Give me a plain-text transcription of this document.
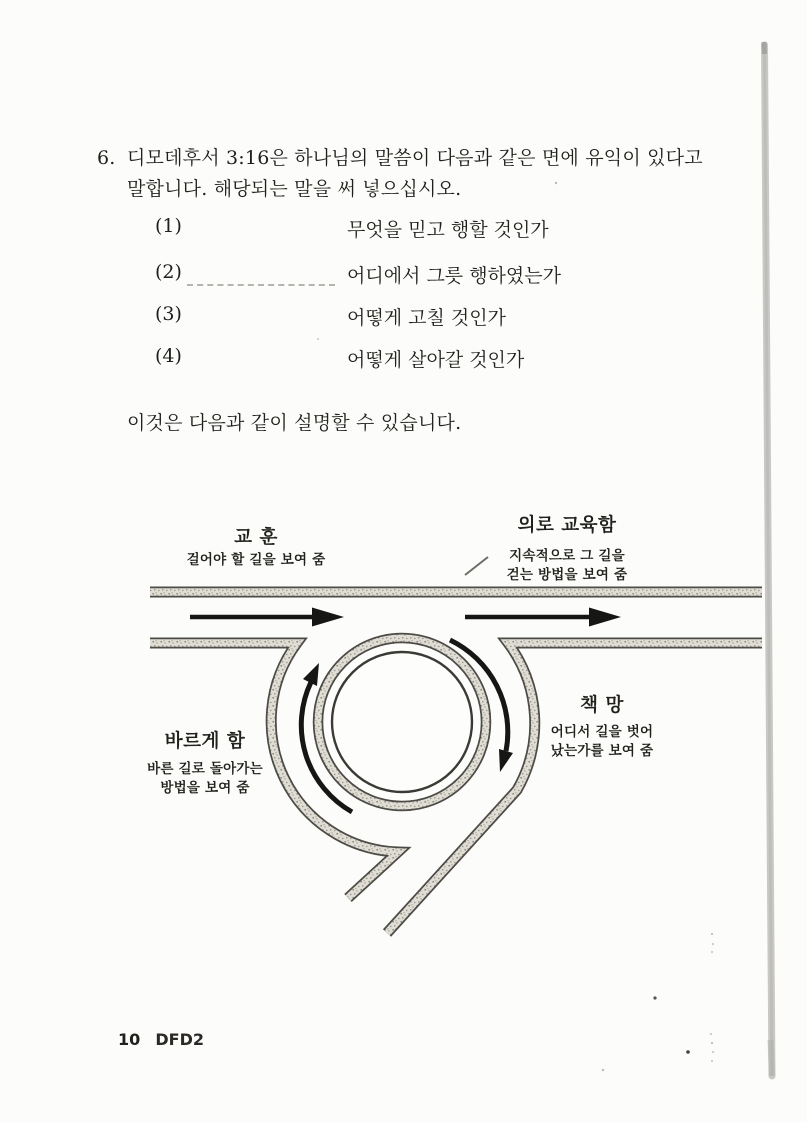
6. 디모데후서 3:16은 하나님의 말씀이 다음과 같은 면에 유익이 있다고
말합니다. 해당되는 말을 써 넣으십시오.
(1)	무엇을 믿고 행할 것인가
(2)	어디에서 그릇 행하였는가
(3)	어떻게 고칠 것인가
(4)	어떻게 살아갈 것인가
이것은 다음과 같이 설명할 수 있습니다.
교 훈
걸어야 할 길을 보여 줌
의로 교육함
지속적으로 그 길을
걷는 방법을 보여 줌
바르게 함
바른 길로 돌아가는
방법을 보여 줌
책 망
어디서 길을 벗어
났는가를 보여 줌
10 DFD2
